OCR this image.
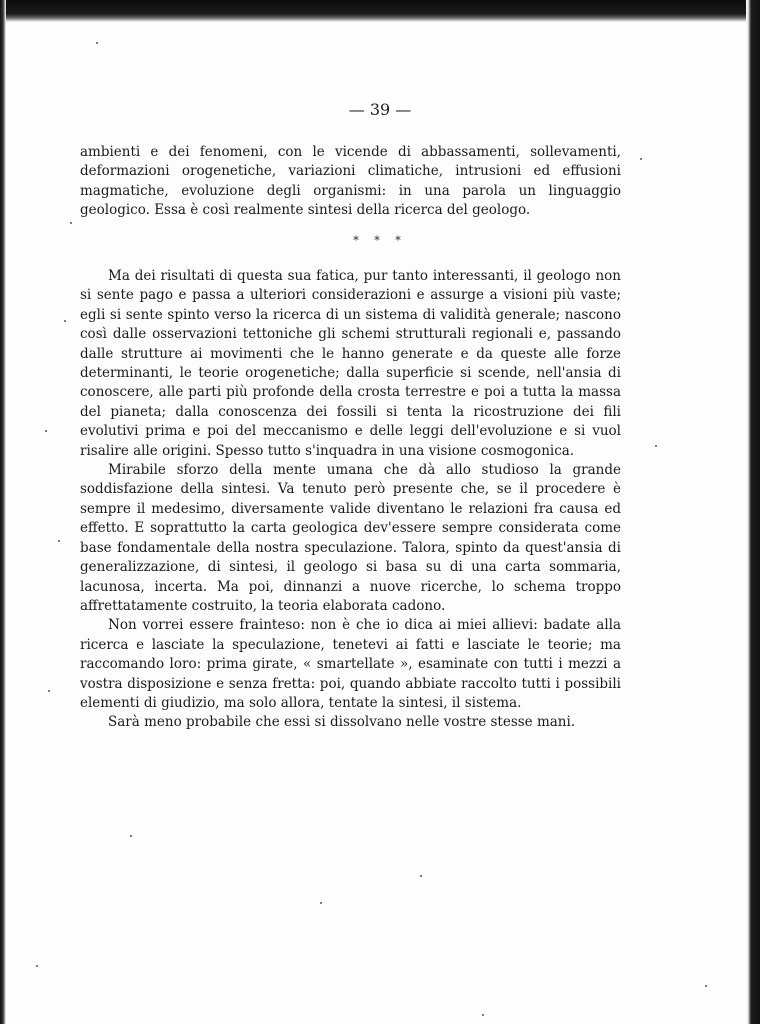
— 39 —
ambienti e dei fenomeni, con le vicende di abbassamenti, sollevamenti, deformazioni orogenetiche, variazioni climatiche, intrusioni ed effusioni magmatiche, evoluzione degli organismi: in una parola un linguaggio geologico. Essa è così realmente sintesi della ricerca del geologo.
* * *

Ma dei risultati di questa sua fatica, pur tanto interessanti, il geologo non si sente pago e passa a ulteriori considerazioni e assurge a visioni più vaste; egli si sente spinto verso la ricerca di un sistema di validità generale; nascono così dalle osservazioni tettoniche gli schemi strutturali regionali e, passando dalle strutture ai movimenti che le hanno generate e da queste alle forze determinanti, le teorie orogenetiche; dalla superficie si scende, nell'ansia di conoscere, alle parti più profonde della crosta terrestre e poi a tutta la massa del pianeta; dalla conoscenza dei fossili si tenta la ricostruzione dei fili evolutivi prima e poi del meccanismo e delle leggi dell'evoluzione e si vuol risalire alle origini. Spesso tutto s'inquadra in una visione cosmogonica.

Mirabile sforzo della mente umana che dà allo studioso la grande soddisfazione della sintesi. Va tenuto però presente che, se il procedere è sempre il medesimo, diversamente valide diventano le relazioni fra causa ed effetto. E soprattutto la carta geologica dev'essere sempre considerata come base fondamentale della nostra speculazione. Talora, spinto da quest'ansia di generalizzazione, di sintesi, il geologo si basa su di una carta sommaria, lacunosa, incerta. Ma poi, dinnanzi a nuove ricerche, lo schema troppo affrettatamente costruito, la teoria elaborata cadono.

Non vorrei essere frainteso: non è che io dica ai miei allievi: badate alla ricerca e lasciate la speculazione, tenetevi ai fatti e lasciate le teorie; ma raccomando loro: prima girate, « smartellate », esaminate con tutti i mezzi a vostra disposizione e senza fretta: poi, quando abbiate raccolto tutti i possibili elementi di giudizio, ma solo allora, tentate la sintesi, il sistema.

Sarà meno probabile che essi si dissolvano nelle vostre stesse mani.
